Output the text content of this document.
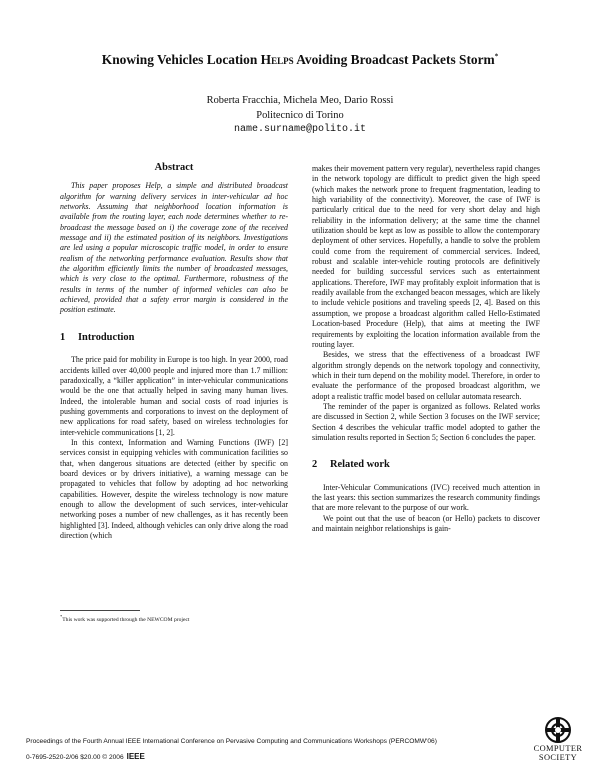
Knowing Vehicles Location Helps Avoiding Broadcast Packets Storm*
Roberta Fracchia, Michela Meo, Dario Rossi
Politecnico di Torino
name.surname@polito.it
Abstract

This paper proposes Help, a simple and distributed broadcast algorithm for warning delivery services in inter-vehicular ad hoc networks. Assuming that neighborhood location information is available from the routing layer, each node determines whether to re-broadcast the message based on i) the coverage zone of the received message and ii) the estimated position of its neighbors. Investigations are led using a popular microscopic traffic model, in order to ensure realism of the networking performance evaluation. Results show that the algorithm efficiently limits the number of broadcasted messages, which is very close to the optimal. Furthermore, robustness of the results in terms of the number of informed vehicles can also be achieved, provided that a safety error margin is considered in the position estimate.

1 Introduction

The price paid for mobility in Europe is too high. In year 2000, road accidents killed over 40,000 people and injured more than 1.7 million: paradoxically, a “killer application” in inter-vehicular communications would be the one that actually helped in saving many human lives. Indeed, the intolerable human and social costs of road injuries is pushing governments and corporations to invest on the deployment of new applications for road safety, based on wireless technologies for inter-vehicle communications [1, 2].

In this context, Information and Warning Functions (IWF) [2] services consist in equipping vehicles with communication facilities so that, when dangerous situations are detected (either by specific on board devices or by drivers initiative), a warning message can be propagated to vehicles that follow by adopting ad hoc networking capabilities. However, despite the wireless technology is now mature enough to allow the development of such services, inter-vehicular networking poses a number of new challenges, as it has recently been highlighted [3]. Indeed, although vehicles can only drive along the road direction (which

*This work was supported through the NEWCOM project

makes their movement pattern very regular), nevertheless rapid changes in the network topology are difficult to predict given the high speed (which makes the network prone to frequent fragmentation, leading to high variability of the connectivity). Moreover, the case of IWF is particularly critical due to the need for very short delay and high reliability in the information delivery; at the same time the channel utilization should be kept as low as possible to allow the contemporary deployment of other services. Hopefully, a handle to solve the problem could come from the requirement of commercial services. Indeed, robust and scalable inter-vehicle routing protocols are definitively needed for building successful services such as entertainment applications. Therefore, IWF may profitably exploit information that is readily available from the exchanged beacon messages, which are likely to include vehicle positions and traveling speeds [2, 4]. Based on this assumption, we propose a broadcast algorithm called Hello-Estimated Location-based Procedure (Help), that aims at meeting the IWF requirements by exploiting the location information available from the routing layer.

Besides, we stress that the effectiveness of a broadcast IWF algorithm strongly depends on the network topology and connectivity, which in their turn depend on the mobility model. Therefore, in order to evaluate the performance of the proposed broadcast algorithm, we adopt a realistic traffic model based on cellular automata research.

The reminder of the paper is organized as follows. Related works are discussed in Section 2, while Section 3 focuses on the IWF service; Section 4 describes the vehicular traffic model adopted to gather the simulation results reported in Section 5; Section 6 concludes the paper.

2 Related work

Inter-Vehicular Communications (IVC) received much attention in the last years: this section summarizes the research community findings that are more relevant to the purpose of our work.

We point out that the use of beacon (or Hello) packets to discover and maintain neighbor relationships is gain-

Proceedings of the Fourth Annual IEEE International Conference on Pervasive Computing and Communications Workshops (PERCOMW'06)
0-7695-2520-2/06 $20.00 © 2006 IEEE
COMPUTER
SOCIETY
